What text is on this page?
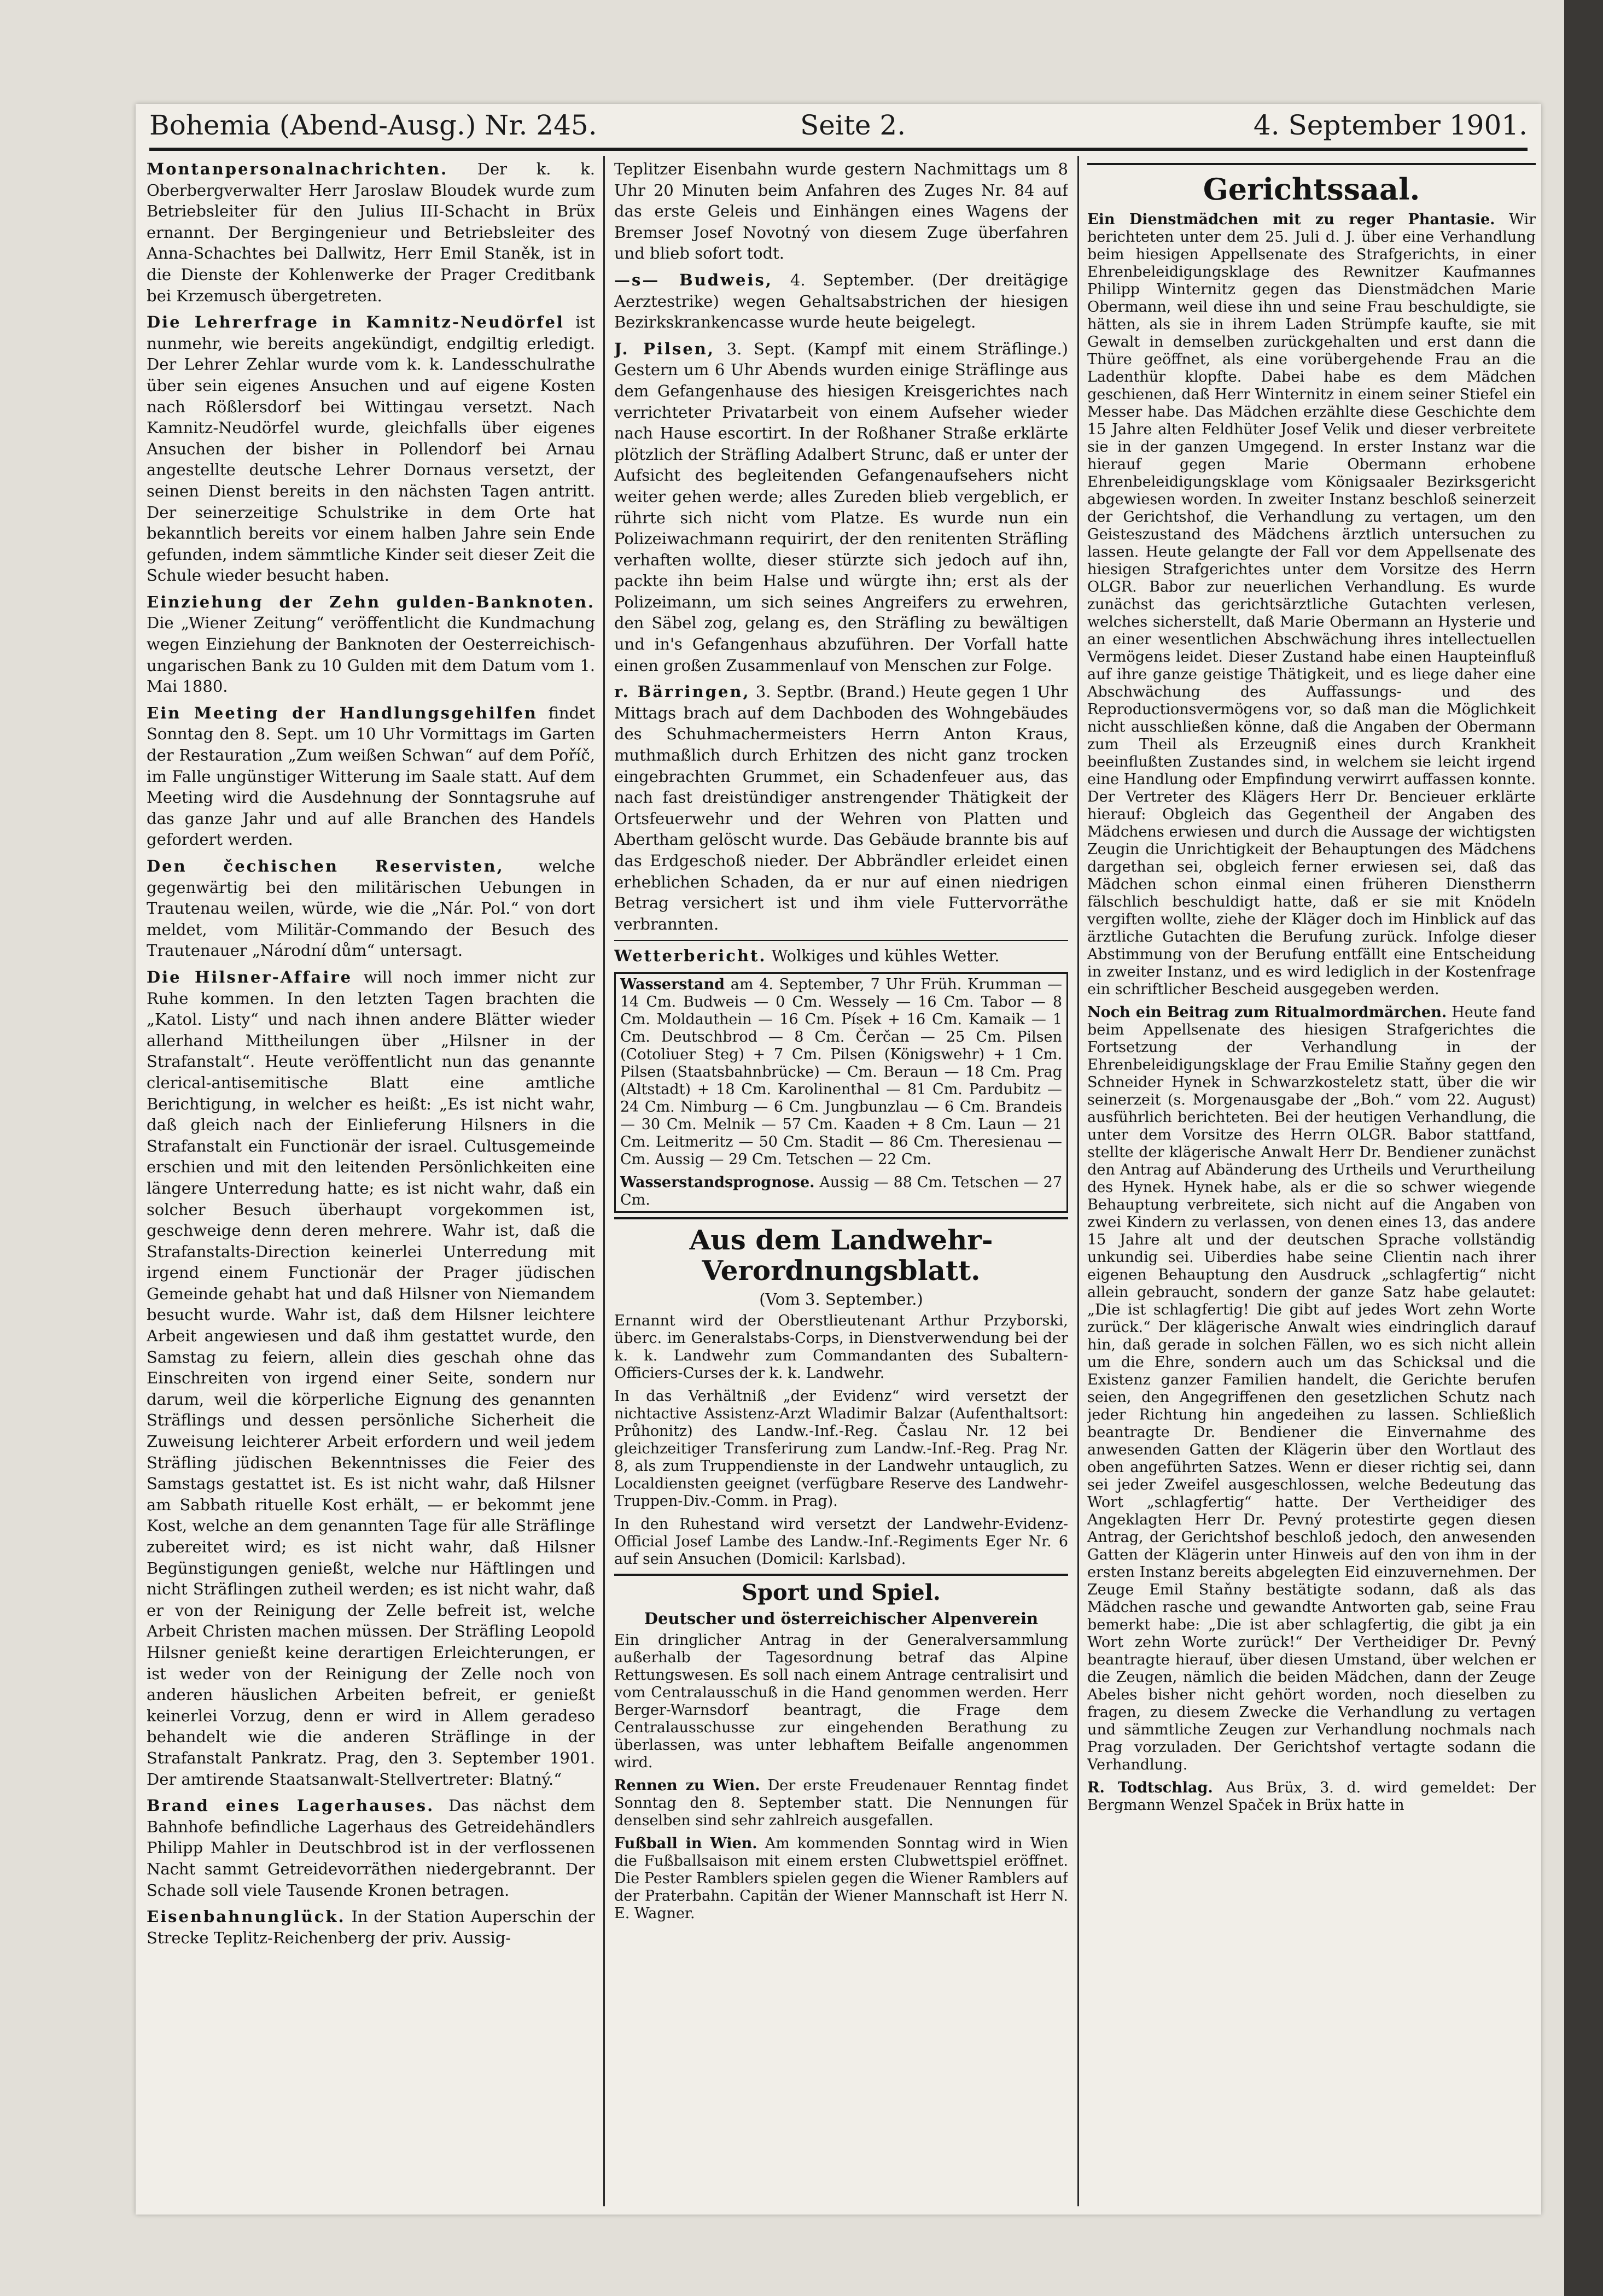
Bohemia (Abend-Ausg.) Nr. 245.	Seite 2.	4. September 1901.

Montanpersonalnachrichten. Der k. k. Oberbergverwalter Herr Jaroslaw Bloudek wurde zum Betriebsleiter für den Julius III-Schacht in Brüx ernannt. Der Bergingenieur und Betriebsleiter des Anna-Schachtes bei Dallwitz, Herr Emil Staněk, ist in die Dienste der Kohlenwerke der Prager Creditbank bei Krzemusch übergetreten.

Die Lehrerfrage in Kamnitz-Neudörfel ist nunmehr, wie bereits angekündigt, endgiltig erledigt. Der Lehrer Zehlar wurde vom k. k. Landesschulrathe über sein eigenes Ansuchen und auf eigene Kosten nach Rößlersdorf bei Wittingau versetzt. Nach Kamnitz-Neudörfel wurde, gleichfalls über eigenes Ansuchen der bisher in Pollendorf bei Arnau angestellte deutsche Lehrer Dornaus versetzt, der seinen Dienst bereits in den nächsten Tagen antritt. Der seinerzeitige Schulstrike in dem Orte hat bekanntlich bereits vor einem halben Jahre sein Ende gefunden, indem sämmtliche Kinder seit dieser Zeit die Schule wieder besucht haben.

Einziehung der Zehn gulden-Banknoten. Die „Wiener Zeitung“ veröffentlicht die Kundmachung wegen Einziehung der Banknoten der Oesterreichisch-ungarischen Bank zu 10 Gulden mit dem Datum vom 1. Mai 1880.

Ein Meeting der Handlungsgehilfen findet Sonntag den 8. Sept. um 10 Uhr Vormittags im Garten der Restauration „Zum weißen Schwan“ auf dem Poříč, im Falle ungünstiger Witterung im Saale statt. Auf dem Meeting wird die Ausdehnung der Sonntagsruhe auf das ganze Jahr und auf alle Branchen des Handels gefordert werden.

Den čechischen Reservisten, welche gegenwärtig bei den militärischen Uebungen in Trautenau weilen, würde, wie die „Nár. Pol.“ von dort meldet, vom Militär-Commando der Besuch des Trautenauer „Národní dům“ untersagt.

Die Hilsner-Affaire will noch immer nicht zur Ruhe kommen. In den letzten Tagen brachten die „Katol. Listy“ und nach ihnen andere Blätter wieder allerhand Mittheilungen über „Hilsner in der Strafanstalt“. Heute veröffentlicht nun das genannte clerical-antisemitische Blatt eine amtliche Berichtigung, in welcher es heißt: „Es ist nicht wahr, daß gleich nach der Einlieferung Hilsners in die Strafanstalt ein Functionär der israel. Cultusgemeinde erschien und mit den leitenden Persönlichkeiten eine längere Unterredung hatte; es ist nicht wahr, daß ein solcher Besuch überhaupt vorgekommen ist, geschweige denn deren mehrere. Wahr ist, daß die Strafanstalts-Direction keinerlei Unterredung mit irgend einem Functionär der Prager jüdischen Gemeinde gehabt hat und daß Hilsner von Niemandem besucht wurde. Wahr ist, daß dem Hilsner leichtere Arbeit angewiesen und daß ihm gestattet wurde, den Samstag zu feiern, allein dies geschah ohne das Einschreiten von irgend einer Seite, sondern nur darum, weil die körperliche Eignung des genannten Sträflings und dessen persönliche Sicherheit die Zuweisung leichterer Arbeit erfordern und weil jedem Sträfling jüdischen Bekenntnisses die Feier des Samstags gestattet ist. Es ist nicht wahr, daß Hilsner am Sabbath rituelle Kost erhält, — er bekommt jene Kost, welche an dem genannten Tage für alle Sträflinge zubereitet wird; es ist nicht wahr, daß Hilsner Begünstigungen genießt, welche nur Häftlingen und nicht Sträflingen zutheil werden; es ist nicht wahr, daß er von der Reinigung der Zelle befreit ist, welche Arbeit Christen machen müssen. Der Sträfling Leopold Hilsner genießt keine derartigen Erleichterungen, er ist weder von der Reinigung der Zelle noch von anderen häuslichen Arbeiten befreit, er genießt keinerlei Vorzug, denn er wird in Allem geradeso behandelt wie die anderen Sträflinge in der Strafanstalt Pankratz. Prag, den 3. September 1901. Der amtirende Staatsanwalt-Stellvertreter: Blatný.“

Brand eines Lagerhauses. Das nächst dem Bahnhofe befindliche Lagerhaus des Getreidehändlers Philipp Mahler in Deutschbrod ist in der verflossenen Nacht sammt Getreidevorräthen niedergebrannt. Der Schade soll viele Tausende Kronen betragen.

Eisenbahnunglück. In der Station Auperschin der Strecke Teplitz-Reichenberg der priv. Aussig-

Teplitzer Eisenbahn wurde gestern Nachmittags um 8 Uhr 20 Minuten beim Anfahren des Zuges Nr. 84 auf das erste Geleis und Einhängen eines Wagens der Bremser Josef Novotný von diesem Zuge überfahren und blieb sofort todt.

—s— Budweis, 4. September. (Der dreitägige Aerztestrike) wegen Gehaltsabstrichen der hiesigen Bezirkskrankencasse wurde heute beigelegt.

J. Pilsen, 3. Sept. (Kampf mit einem Sträflinge.) Gestern um 6 Uhr Abends wurden einige Sträflinge aus dem Gefangenhause des hiesigen Kreisgerichtes nach verrichteter Privatarbeit von einem Aufseher wieder nach Hause escortirt. In der Roßhaner Straße erklärte plötzlich der Sträfling Adalbert Strunc, daß er unter der Aufsicht des begleitenden Gefangenaufsehers nicht weiter gehen werde; alles Zureden blieb vergeblich, er rührte sich nicht vom Platze. Es wurde nun ein Polizeiwachmann requirirt, der den renitenten Sträfling verhaften wollte, dieser stürzte sich jedoch auf ihn, packte ihn beim Halse und würgte ihn; erst als der Polizeimann, um sich seines Angreifers zu erwehren, den Säbel zog, gelang es, den Sträfling zu bewältigen und in's Gefangenhaus abzuführen. Der Vorfall hatte einen großen Zusammenlauf von Menschen zur Folge.

r. Bärringen, 3. Septbr. (Brand.) Heute gegen 1 Uhr Mittags brach auf dem Dachboden des Wohngebäudes des Schuhmachermeisters Herrn Anton Kraus, muthmaßlich durch Erhitzen des nicht ganz trocken eingebrachten Grummet, ein Schadenfeuer aus, das nach fast dreistündiger anstrengender Thätigkeit der Ortsfeuerwehr und der Wehren von Platten und Abertham gelöscht wurde. Das Gebäude brannte bis auf das Erdgeschoß nieder. Der Abbrändler erleidet einen erheblichen Schaden, da er nur auf einen niedrigen Betrag versichert ist und ihm viele Futtervorräthe verbrannten.

Wetterbericht. Wolkiges und kühles Wetter.

Wasserstand am 4. September, 7 Uhr Früh. Krumman — 14 Cm. Budweis — 0 Cm. Wessely — 16 Cm. Tabor — 8 Cm. Moldauthein — 16 Cm. Písek + 16 Cm. Kamaik — 1 Cm. Deutschbrod — 8 Cm. Čerčan — 25 Cm. Pilsen (Cotoliuer Steg) + 7 Cm. Pilsen (Königswehr) + 1 Cm. Pilsen (Staatsbahnbrücke) — Cm. Beraun — 18 Cm. Prag (Altstadt) + 18 Cm. Karolinenthal — 81 Cm. Pardubitz — 24 Cm. Nimburg — 6 Cm. Jungbunzlau — 6 Cm. Brandeis — 30 Cm. Melnik — 57 Cm. Kaaden + 8 Cm. Laun — 21 Cm. Leitmeritz — 50 Cm. Stadit — 86 Cm. Theresienau — Cm. Aussig — 29 Cm. Tetschen — 22 Cm.

Wasserstandsprognose. Aussig — 88 Cm. Tetschen — 27 Cm.

Aus dem Landwehr-Verordnungsblatt.
(Vom 3. September.)

Ernannt wird der Oberstlieutenant Arthur Przyborski, überc. im Generalstabs-Corps, in Dienstverwendung bei der k. k. Landwehr zum Commandanten des Subaltern-Officiers-Curses der k. k. Landwehr.

In das Verhältniß „der Evidenz“ wird versetzt der nichtactive Assistenz-Arzt Wladimir Balzar (Aufenthaltsort: Průhonitz) des Landw.-Inf.-Reg. Časlau Nr. 12 bei gleichzeitiger Transferirung zum Landw.-Inf.-Reg. Prag Nr. 8, als zum Truppendienste in der Landwehr untauglich, zu Localdiensten geeignet (verfügbare Reserve des Landwehr-Truppen-Div.-Comm. in Prag).

In den Ruhestand wird versetzt der Landwehr-Evidenz-Official Josef Lambe des Landw.-Inf.-Regiments Eger Nr. 6 auf sein Ansuchen (Domicil: Karlsbad).

Sport und Spiel.
Deutscher und österreichischer Alpenverein

Ein dringlicher Antrag in der Generalversammlung außerhalb der Tagesordnung betraf das Alpine Rettungswesen. Es soll nach einem Antrage centralisirt und vom Centralausschuß in die Hand genommen werden. Herr Berger-Warnsdorf beantragt, die Frage dem Centralausschusse zur eingehenden Berathung zu überlassen, was unter lebhaftem Beifalle angenommen wird.

Rennen zu Wien. Der erste Freudenauer Renntag findet Sonntag den 8. September statt. Die Nennungen für denselben sind sehr zahlreich ausgefallen.

Fußball in Wien. Am kommenden Sonntag wird in Wien die Fußballsaison mit einem ersten Clubwettspiel eröffnet. Die Pester Ramblers spielen gegen die Wiener Ramblers auf der Praterbahn. Capitän der Wiener Mannschaft ist Herr N. E. Wagner.

Gerichtssaal.

Ein Dienstmädchen mit zu reger Phantasie. Wir berichteten unter dem 25. Juli d. J. über eine Verhandlung beim hiesigen Appellsenate des Strafgerichts, in einer Ehrenbeleidigungsklage des Rewnitzer Kaufmannes Philipp Winternitz gegen das Dienstmädchen Marie Obermann, weil diese ihn und seine Frau beschuldigte, sie hätten, als sie in ihrem Laden Strümpfe kaufte, sie mit Gewalt in demselben zurückgehalten und erst dann die Thüre geöffnet, als eine vorübergehende Frau an die Ladenthür klopfte. Dabei habe es dem Mädchen geschienen, daß Herr Winternitz in einem seiner Stiefel ein Messer habe. Das Mädchen erzählte diese Geschichte dem 15 Jahre alten Feldhüter Josef Velik und dieser verbreitete sie in der ganzen Umgegend. In erster Instanz war die hierauf gegen Marie Obermann erhobene Ehrenbeleidigungsklage vom Königsaaler Bezirksgericht abgewiesen worden. In zweiter Instanz beschloß seinerzeit der Gerichtshof, die Verhandlung zu vertagen, um den Geisteszustand des Mädchens ärztlich untersuchen zu lassen. Heute gelangte der Fall vor dem Appellsenate des hiesigen Strafgerichtes unter dem Vorsitze des Herrn OLGR. Babor zur neuerlichen Verhandlung. Es wurde zunächst das gerichtsärztliche Gutachten verlesen, welches sicherstellt, daß Marie Obermann an Hysterie und an einer wesentlichen Abschwächung ihres intellectuellen Vermögens leidet. Dieser Zustand habe einen Haupteinfluß auf ihre ganze geistige Thätigkeit, und es liege daher eine Abschwächung des Auffassungs- und des Reproductionsvermögens vor, so daß man die Möglichkeit nicht ausschließen könne, daß die Angaben der Obermann zum Theil als Erzeugniß eines durch Krankheit beeinflußten Zustandes sind, in welchem sie leicht irgend eine Handlung oder Empfindung verwirrt auffassen konnte. Der Vertreter des Klägers Herr Dr. Bencieuer erklärte hierauf: Obgleich das Gegentheil der Angaben des Mädchens erwiesen und durch die Aussage der wichtigsten Zeugin die Unrichtigkeit der Behauptungen des Mädchens dargethan sei, obgleich ferner erwiesen sei, daß das Mädchen schon einmal einen früheren Dienstherrn fälschlich beschuldigt hatte, daß er sie mit Knödeln vergiften wollte, ziehe der Kläger doch im Hinblick auf das ärztliche Gutachten die Berufung zurück. Infolge dieser Abstimmung von der Berufung entfällt eine Entscheidung in zweiter Instanz, und es wird lediglich in der Kostenfrage ein schriftlicher Bescheid ausgegeben werden.

Noch ein Beitrag zum Ritualmordmärchen. Heute fand beim Appellsenate des hiesigen Strafgerichtes die Fortsetzung der Verhandlung in der Ehrenbeleidigungsklage der Frau Emilie Staňny gegen den Schneider Hynek in Schwarzkosteletz statt, über die wir seinerzeit (s. Morgenausgabe der „Boh.“ vom 22. August) ausführlich berichteten. Bei der heutigen Verhandlung, die unter dem Vorsitze des Herrn OLGR. Babor stattfand, stellte der klägerische Anwalt Herr Dr. Bendiener zunächst den Antrag auf Abänderung des Urtheils und Verurtheilung des Hynek. Hynek habe, als er die so schwer wiegende Behauptung verbreitete, sich nicht auf die Angaben von zwei Kindern zu verlassen, von denen eines 13, das andere 15 Jahre alt und der deutschen Sprache vollständig unkundig sei. Uiberdies habe seine Clientin nach ihrer eigenen Behauptung den Ausdruck „schlagfertig“ nicht allein gebraucht, sondern der ganze Satz habe gelautet: „Die ist schlagfertig! Die gibt auf jedes Wort zehn Worte zurück.“ Der klägerische Anwalt wies eindringlich darauf hin, daß gerade in solchen Fällen, wo es sich nicht allein um die Ehre, sondern auch um das Schicksal und die Existenz ganzer Familien handelt, die Gerichte berufen seien, den Angegriffenen den gesetzlichen Schutz nach jeder Richtung hin angedeihen zu lassen. Schließlich beantragte Dr. Bendiener die Einvernahme des anwesenden Gatten der Klägerin über den Wortlaut des oben angeführten Satzes. Wenn er dieser richtig sei, dann sei jeder Zweifel ausgeschlossen, welche Bedeutung das Wort „schlagfertig“ hatte. Der Vertheidiger des Angeklagten Herr Dr. Pevný protestirte gegen diesen Antrag, der Gerichtshof beschloß jedoch, den anwesenden Gatten der Klägerin unter Hinweis auf den von ihm in der ersten Instanz bereits abgelegten Eid einzuvernehmen. Der Zeuge Emil Staňny bestätigte sodann, daß als das Mädchen rasche und gewandte Antworten gab, seine Frau bemerkt habe: „Die ist aber schlagfertig, die gibt ja ein Wort zehn Worte zurück!“ Der Vertheidiger Dr. Pevný beantragte hierauf, über diesen Umstand, über welchen er die Zeugen, nämlich die beiden Mädchen, dann der Zeuge Abeles bisher nicht gehört worden, noch dieselben zu fragen, zu diesem Zwecke die Verhandlung zu vertagen und sämmtliche Zeugen zur Verhandlung nochmals nach Prag vorzuladen. Der Gerichtshof vertagte sodann die Verhandlung.

R. Todtschlag. Aus Brüx, 3. d. wird gemeldet: Der Bergmann Wenzel Spaček in Brüx hatte in
